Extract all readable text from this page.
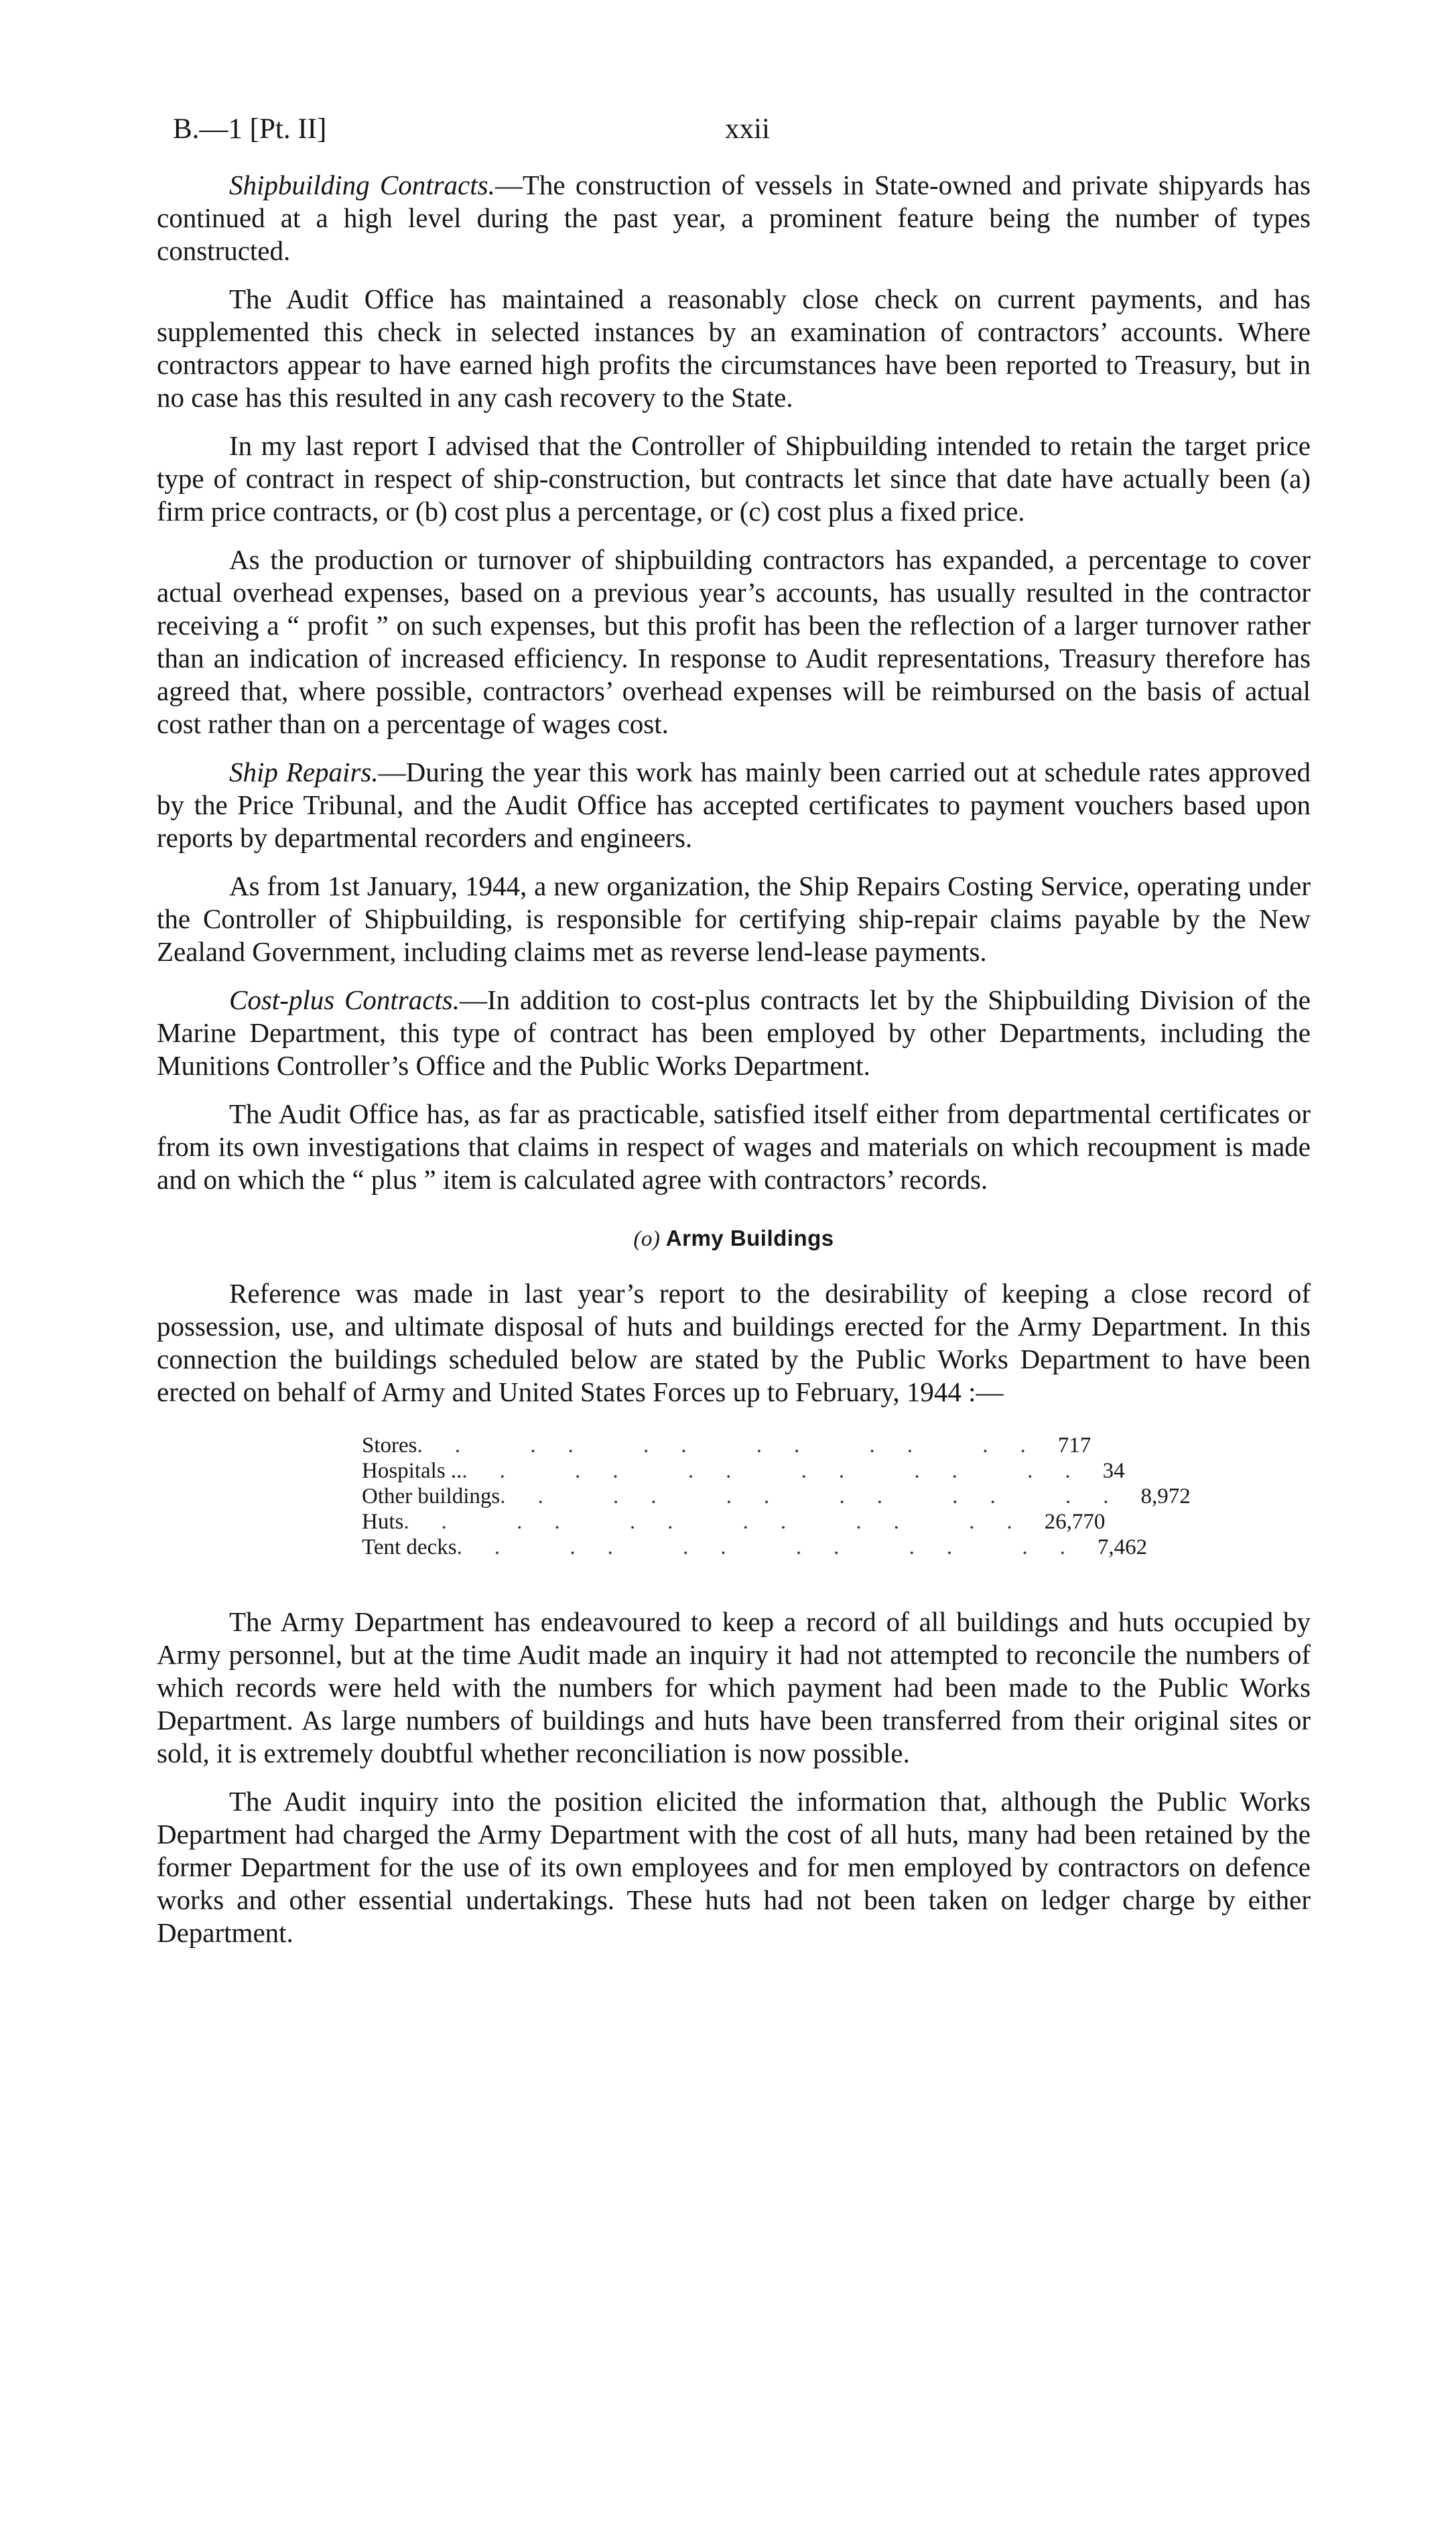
B.—1 [Pt. II]	xxii

Shipbuilding Contracts.—The construction of vessels in State-owned and private shipyards has continued at a high level during the past year, a prominent feature being the number of types constructed.

The Audit Office has maintained a reasonably close check on current payments, and has supplemented this check in selected instances by an examination of contractors’ accounts. Where contractors appear to have earned high profits the circumstances have been reported to Treasury, but in no case has this resulted in any cash recovery to the State.

In my last report I advised that the Controller of Shipbuilding intended to retain the target price type of contract in respect of ship-construction, but contracts let since that date have actually been (a) firm price contracts, or (b) cost plus a percentage, or (c) cost plus a fixed price.

As the production or turnover of shipbuilding contractors has expanded, a percentage to cover actual overhead expenses, based on a previous year’s accounts, has usually resulted in the contractor receiving a “ profit ” on such expenses, but this profit has been the reflection of a larger turnover rather than an indication of increased efficiency. In response to Audit representations, Treasury therefore has agreed that, where possible, contractors’ overhead expenses will be reimbursed on the basis of actual cost rather than on a percentage of wages cost.

Ship Repairs.—During the year this work has mainly been carried out at schedule rates approved by the Price Tribunal, and the Audit Office has accepted certificates to payment vouchers based upon reports by departmental recorders and engineers.

As from 1st January, 1944, a new organization, the Ship Repairs Costing Service, operating under the Controller of Shipbuilding, is responsible for certifying ship-repair claims payable by the New Zealand Government, including claims met as reverse lend-lease payments.

Cost-plus Contracts.—In addition to cost-plus contracts let by the Shipbuilding Division of the Marine Department, this type of contract has been employed by other Departments, including the Munitions Controller’s Office and the Public Works Department.

The Audit Office has, as far as practicable, satisfied itself either from departmental certificates or from its own investigations that claims in respect of wages and materials on which recoupment is made and on which the “ plus ” item is calculated agree with contractors’ records.

(o) Army Buildings

Reference was made in last year’s report to the desirability of keeping a close record of possession, use, and ultimate disposal of huts and buildings erected for the Army Department. In this connection the buildings scheduled below are stated by the Public Works Department to have been erected on behalf of Army and United States Forces up to February, 1944 :—

Stores .. .. .. .. .. .. 717
Hospitals .. .. .. .. .. .. .. 34
Other buildings .. .. .. .. .. .. 8,972
Huts .. .. .. .. .. .. 26,770
Tent decks .. .. .. .. .. .. 7,462

The Army Department has endeavoured to keep a record of all buildings and huts occupied by Army personnel, but at the time Audit made an inquiry it had not attempted to reconcile the numbers of which records were held with the numbers for which payment had been made to the Public Works Department. As large numbers of buildings and huts have been transferred from their original sites or sold, it is extremely doubtful whether reconciliation is now possible.

The Audit inquiry into the position elicited the information that, although the Public Works Department had charged the Army Department with the cost of all huts, many had been retained by the former Department for the use of its own employees and for men employed by contractors on defence works and other essential undertakings. These huts had not been taken on ledger charge by either Department.
